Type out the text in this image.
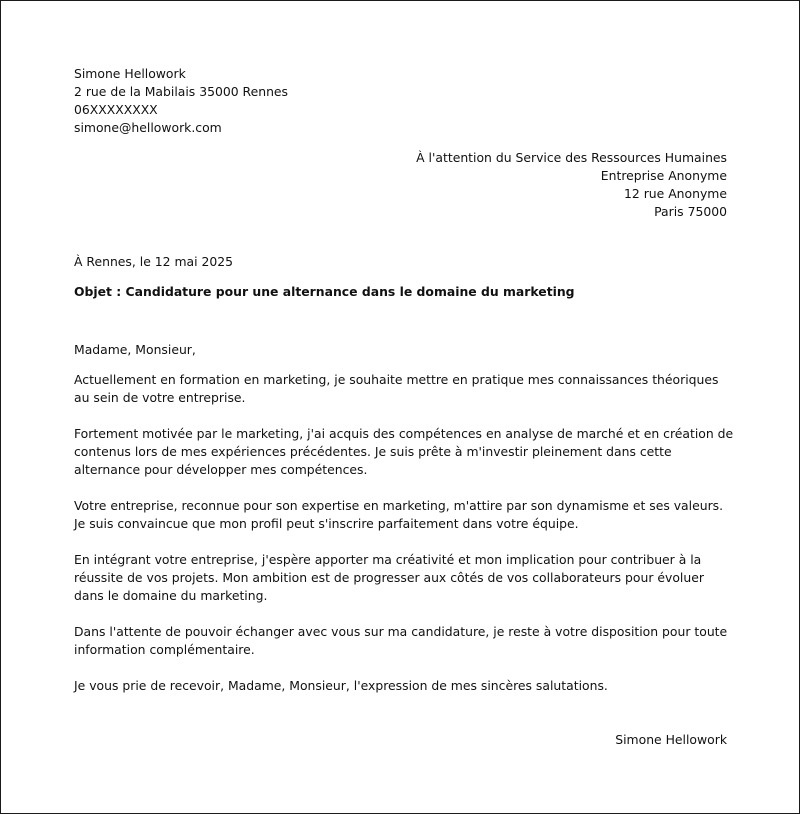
Simone Hellowork
2 rue de la Mabilais 35000 Rennes
06XXXXXXXX
simone@hellowork.com
À l'attention du Service des Ressources Humaines
Entreprise Anonyme
12 rue Anonyme
Paris 75000
À Rennes, le 12 mai 2025
Objet : Candidature pour une alternance dans le domaine du marketing
Madame, Monsieur,

Actuellement en formation en marketing, je souhaite mettre en pratique mes connaissances théoriques au sein de votre entreprise.

Fortement motivée par le marketing, j'ai acquis des compétences en analyse de marché et en création de contenus lors de mes expériences précédentes. Je suis prête à m'investir pleinement dans cette alternance pour développer mes compétences.

Votre entreprise, reconnue pour son expertise en marketing, m'attire par son dynamisme et ses valeurs. Je suis convaincue que mon profil peut s'inscrire parfaitement dans votre équipe.

En intégrant votre entreprise, j'espère apporter ma créativité et mon implication pour contribuer à la réussite de vos projets. Mon ambition est de progresser aux côtés de vos collaborateurs pour évoluer dans le domaine du marketing.

Dans l'attente de pouvoir échanger avec vous sur ma candidature, je reste à votre disposition pour toute information complémentaire.

Je vous prie de recevoir, Madame, Monsieur, l'expression de mes sincères salutations.

Simone Hellowork
